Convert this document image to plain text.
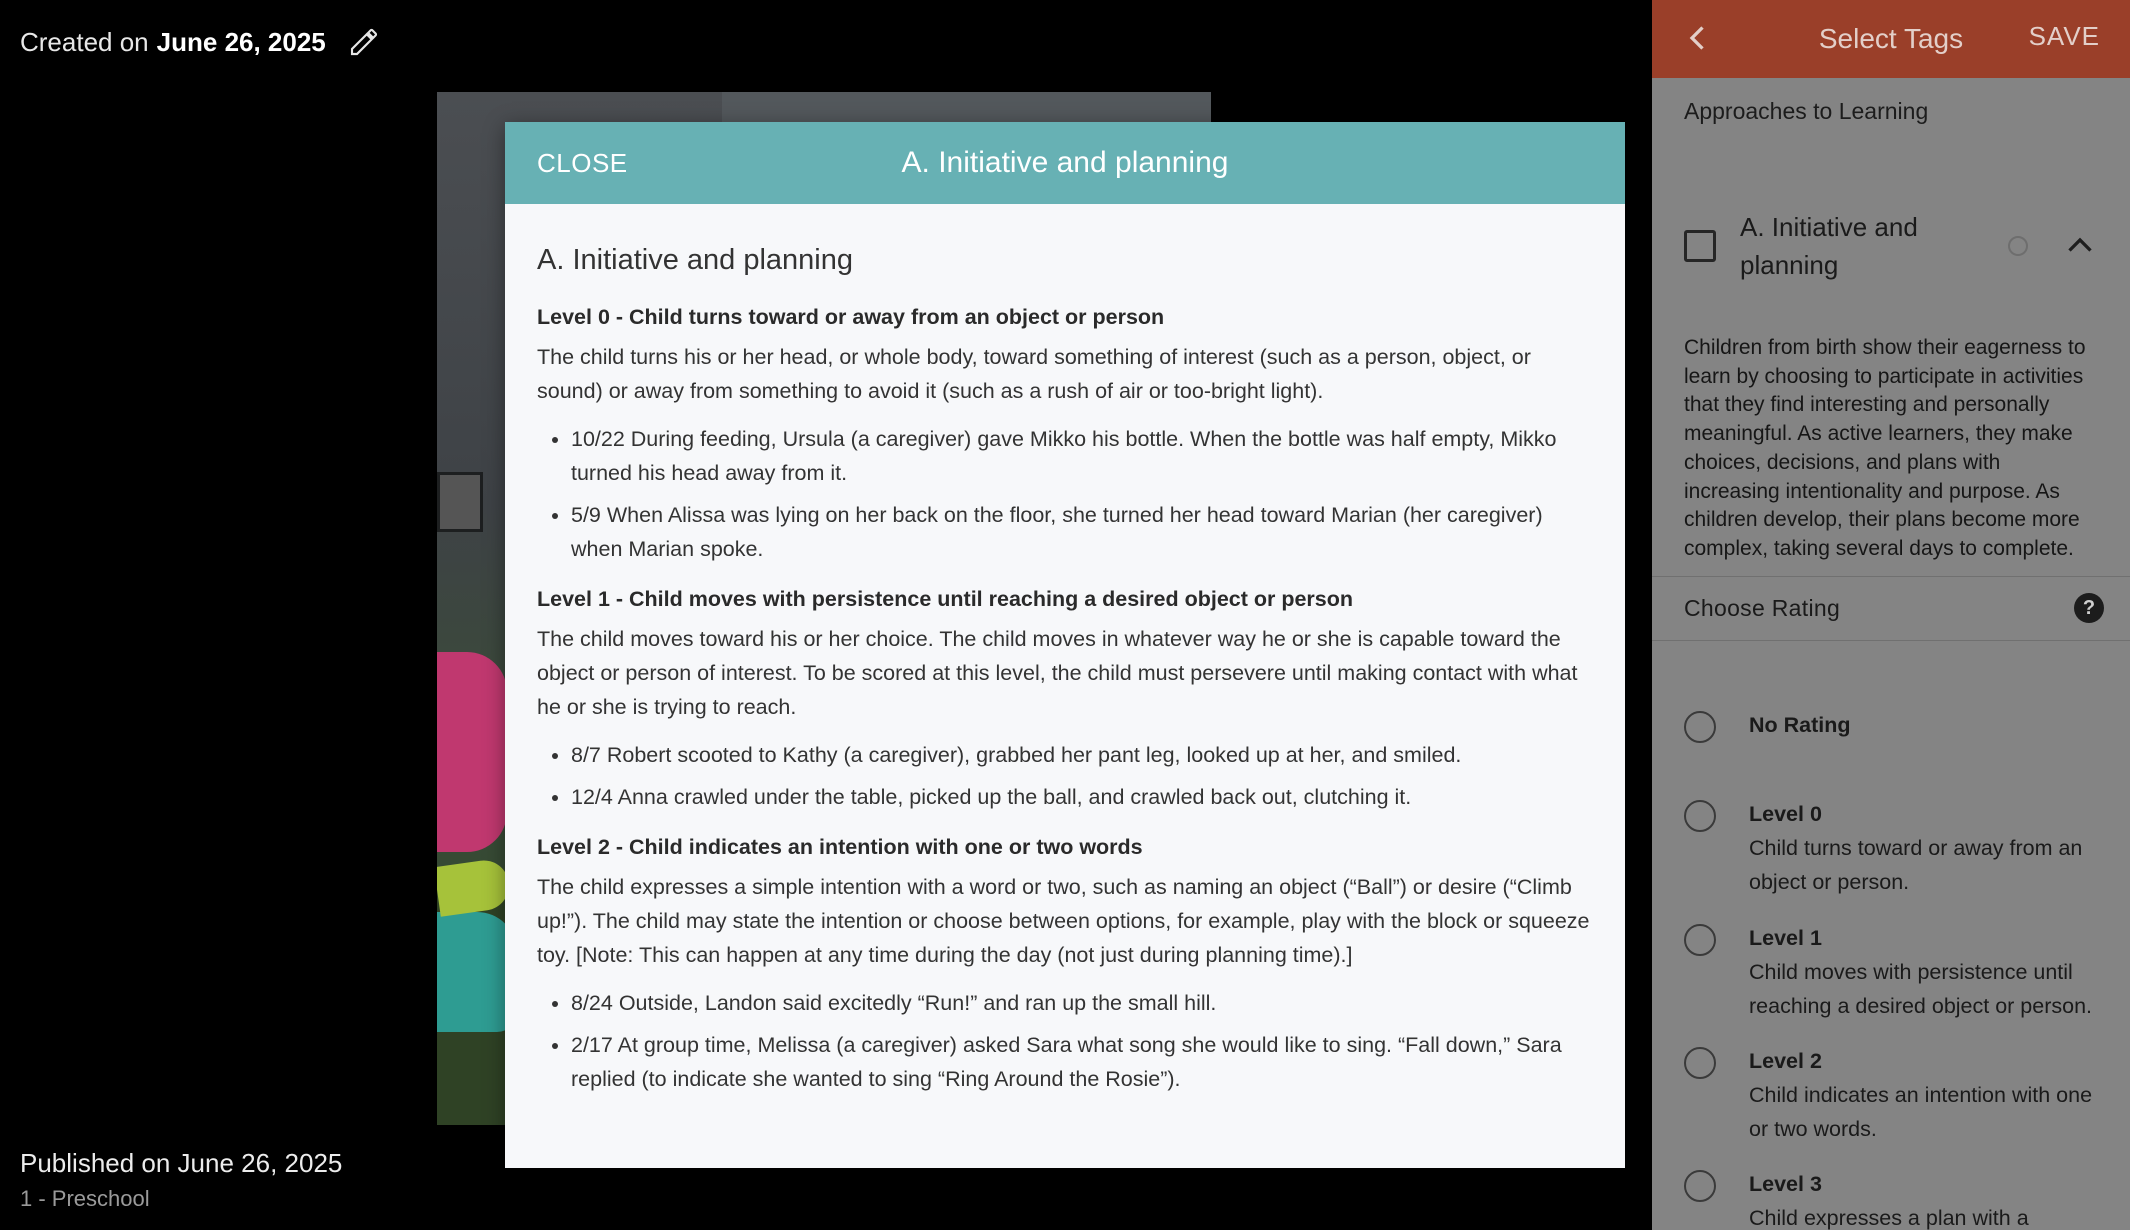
Created on June 26, 2025
Published on June 26, 2025
1 - Preschool
CLOSE	A. Initiative and planning
A. Initiative and planning
Level 0 - Child turns toward or away from an object or person
The child turns his or her head, or whole body, toward something of interest (such as a person, object, or sound) or away from something to avoid it (such as a rush of air or too-bright light).
• 10/22 During feeding, Ursula (a caregiver) gave Mikko his bottle. When the bottle was half empty, Mikko turned his head away from it.
• 5/9 When Alissa was lying on her back on the floor, she turned her head toward Marian (her caregiver) when Marian spoke.
Level 1 - Child moves with persistence until reaching a desired object or person
The child moves toward his or her choice. The child moves in whatever way he or she is capable toward the object or person of interest. To be scored at this level, the child must persevere until making contact with what he or she is trying to reach.
• 8/7 Robert scooted to Kathy (a caregiver), grabbed her pant leg, looked up at her, and smiled.
• 12/4 Anna crawled under the table, picked up the ball, and crawled back out, clutching it.
Level 2 - Child indicates an intention with one or two words
The child expresses a simple intention with a word or two, such as naming an object (“Ball”) or desire (“Climb up!”). The child may state the intention or choose between options, for example, play with the block or squeeze toy. [Note: This can happen at any time during the day (not just during planning time).]
• 8/24 Outside, Landon said excitedly “Run!” and ran up the small hill.
• 2/17 At group time, Melissa (a caregiver) asked Sara what song she would like to sing. “Fall down,” Sara replied (to indicate she wanted to sing “Ring Around the Rosie”).
Select Tags	SAVE
Approaches to Learning
A. Initiative and planning
Children from birth show their eagerness to learn by choosing to participate in activities that they find interesting and personally meaningful. As active learners, they make choices, decisions, and plans with increasing intentionality and purpose. As children develop, their plans become more complex, taking several days to complete.
Choose Rating	?
No Rating
Level 0
Child turns toward or away from an object or person.
Level 1
Child moves with persistence until reaching a desired object or person.
Level 2
Child indicates an intention with one or two words.
Level 3
Child expresses a plan with a
